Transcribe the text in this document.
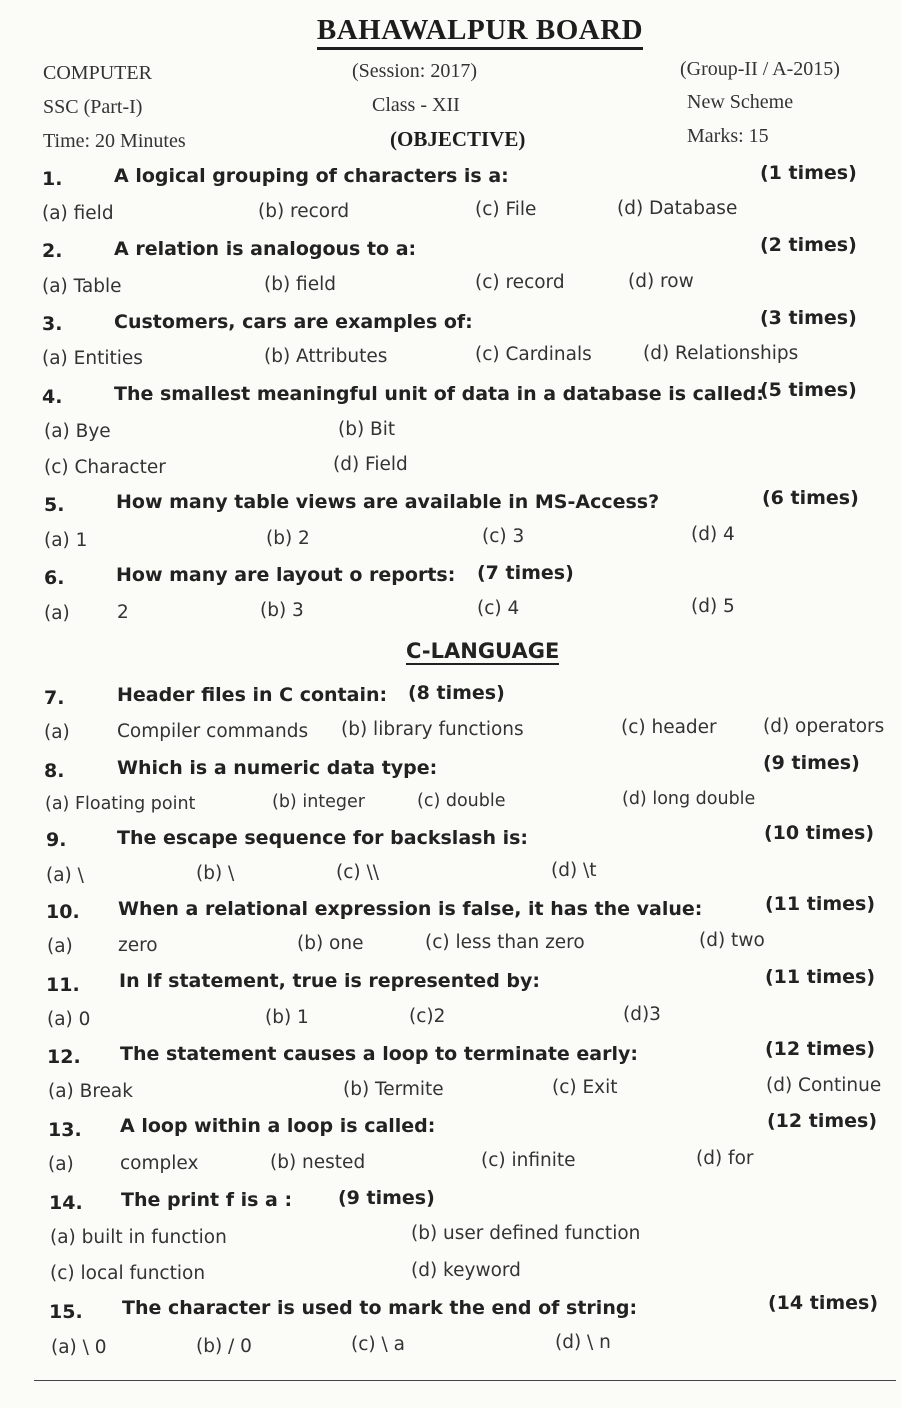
BAHAWALPUR BOARD
COMPUTER	(Session: 2017)	(Group-II / A-2015)
SSC (Part-I)	Class - XII	New Scheme
Time: 20 Minutes	(OBJECTIVE)	Marks: 15
1.	A logical grouping of characters is a:	(1 times)
(a) field	(b) record	(c) File	(d) Database
2.	A relation is analogous to a:	(2 times)
(a) Table	(b) field	(c) record	(d) row
3.	Customers, cars are examples of:	(3 times)
(a) Entities	(b) Attributes	(c) Cardinals	(d) Relationships
4.	The smallest meaningful unit of data in a database is called:
(5 times)
(a) Bye	(b) Bit
(c) Character	(d) Field
5.	How many table views are available in MS-Access?	(6 times)
(a) 1	(b) 2	(c) 3	(d) 4
6.	How many are layout o reports: (7 times)
(a)	2	(b) 3	(c) 4	(d) 5
C-LANGUAGE
7.	Header files in C contain: (8 times)
(a)	Compiler commands (b) library functions	(c) header	(d) operators
8.	Which is a numeric data type:	(9 times)
(a) Floating point	(b) integer	(c) double	(d) long double
9.	The escape sequence for backslash is:	(10 times)
(a) \	(b) \	(c) \\	(d) \t
10. When a relational expression is false, it has the value:	(11 times)
(a) zero	(b) one	(c) less than zero	(d) two
11. In If statement, true is represented by:	(11 times)
(a) 0	(b) 1	(c)2	(d)3
12. The statement causes a loop to terminate early:	(12 times)
(a) Break	(b) Termite	(c) Exit	(d) Continue
13. A loop within a loop is called:	(12 times)
(a) complex	(b) nested	(c) infinite	(d) for
14. The print f is a : (9 times)
(a) built in function	(b) user defined function
(c) local function	(d) keyword
15. The character is used to mark the end of string:	(14 times)
(a) \ 0	(b) / 0	(c) \ a	(d) \ n
